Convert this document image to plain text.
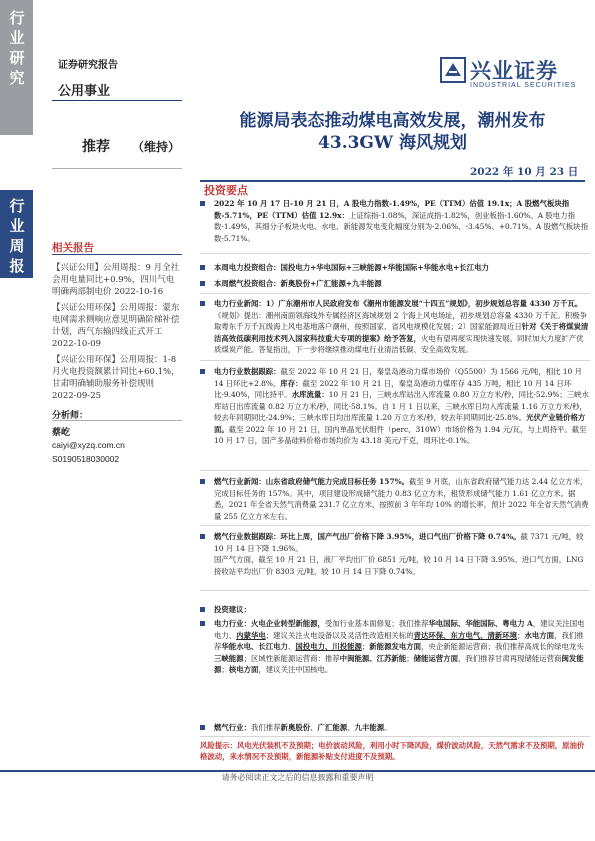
行业研究
行业周报
证券研究报告
公用事业
推荐 （维持）
兴业证券
INDUSTRIAL SECURITIES
能源局表态推动煤电高效发展，潮州发布
43.3GW 海风规划
2022 年 10 月 23 日
投资要点
相关报告
【兴证公用】公用周报：9 月全社会用电量同比+0.9%，四川气电明确两部制电价 2022-10-16
【兴证公用环保】公用周报：蒙东电网需求侧响应意见明确阶梯补偿计划，西气东输四线正式开工 2022-10-09
分析师：
蔡屹
caiyi@xyzq.com.cn
S0190518030002
2022 年 10 月 17 日-10 月 21 日，A 股电力指数-1.49%，PE（TTM）估值 19.1x；A 股燃气板块指数-5.71%，PE（TTM）估值 12.9x：上证综指-1.08%，深证成指-1.82%，创业板指-1.60%。A 股电力指数-1.49%，其细分子板块火电、水电、新能源发电变化幅度分别为-2.06%、-3.45%、+0.71%。A 股燃气板块指数-5.71%。
本周电力投资组合：国投电力+华电国际+三峡能源+华能国际+华能水电+长江电力
本周燃气投资组合：新奥股份+广汇能源+九丰能源
电力行业新闻：1）广东潮州市人民政府发布《潮州市能源发展“十四五”规划》，初步规划总容量 4330 万千瓦。《规划》提出：潮州南面领海线外专属经济区海域规划 2 个海上风电场址，初步规划总容量 4330 万千瓦。积极争取粤东千万千瓦级海上风电基地落户潮州，按照国家、省风电规模化发展；2）国家能源局近日针对《关于将煤炭清洁高效低碳利用技术列入国家科技重大专项的提案》给予答复，火电有望再度实现快速发展。同时加大力度扩产优质煤炭产能。答复指出，下一步将继续推动煤电行业清洁低碳、安全高效发展。
电力行业数据跟踪：截至 2022 年 10 月 21 日，秦皇岛港动力煤市场价（Q5500）为 1566 元/吨，相比 10 月 14 日环比+2.8%。库存：截至 2022 年 10 月 21 日，秦皇岛港动力煤库存 435 万吨，相比 10 月 14 日环比-9.40%，同比持平。水库流量：10 月 21 日，三峡水库站出入库流量 0.80 万立方米/秒，同比-52.9%；三峡水库站日出库流量 0.82 万立方米/秒，同比-58.1%。自 1 月 1 日以来，三峡水库日均入库流量 1.16 万立方米/秒，较去年同期同比-24.9%；三峡水库日均出库流量 1.20 万立方米/秒，较去年同期同比-25.8%。光伏产业链价格方面。截至 2022 年 10 月 21 日，国内单晶光伏组件（perc，310W）市场价格为 1.94 元/瓦，与上周持平。截至 10 月 17 日，国产多晶硅料价格市场均价为 43.18 美元/千克，周环比-0.1%。
燃气行业新闻：山东省政府储气能力完成目标任务 157%。截至 9 月底，山东省政府储气能力达 2.44 亿立方米，完成目标任务的 157%。其中，项目建设形成储气能力 0.83 亿立方米，租赁形成储气能力 1.61 亿立方米。据悉，2021 年全省天然气消费量 231.7 亿立方米，按照前 3 年年均 10% 的增长率，预计 2022 年全省天然气消费量 255 亿立方米左右。
燃气行业数据跟踪：环比上周，国产气出厂价格下降 3.95%，进口气出厂价格下降 0.74%。截 7371 元/吨，较 10 月 14 日下降 1.96%。
国产气方面，截至 10 月 21 日，液厂平均出厂价 6851 元/吨，较 10 月 14 日下降 3.95%。进口气方面，LNG 接收站平均出厂价 8303 元/吨，较 10 月 14 日下降 0.74%。
投资建议：
电力行业：火电企业转型新能源，受加行业基本面修复；我们推荐华电国际、华能国际、粤电力 A，建议关注国电电力、内蒙华电；建议关注火电设备以及灵活性改造相关标的青达环保、东方电气、清新环境；水电方面，我们推荐华能水电、长江电力、国投电力、川投能源；新能源发电方面，央企新能源运营商；我们推荐高成长的绿电龙头三峡能源；区域性新能源运营商：推荐中闽能源、江苏新能；储能运营方面，我们推荐甘肃再现储能运营商闽发能源；核电方面，建议关注中国核电。
燃气行业：我们推荐新奥股份、广汇能源、九丰能源。
风险提示：风电光伏装机不及预期；电价波动风险，利用小时下降风险，煤价波动风险，天然气需求不及预期，原油价格波动，来水情况不及预期，新能源补贴支付进度不及预期。
请务必阅读正文之后的信息披露和重要声明
【兴证公用环保】公用周报：1-8 月火电投资额累计同比+60.1%，甘肃明确辅助服务补偿规则 2022-09-25
